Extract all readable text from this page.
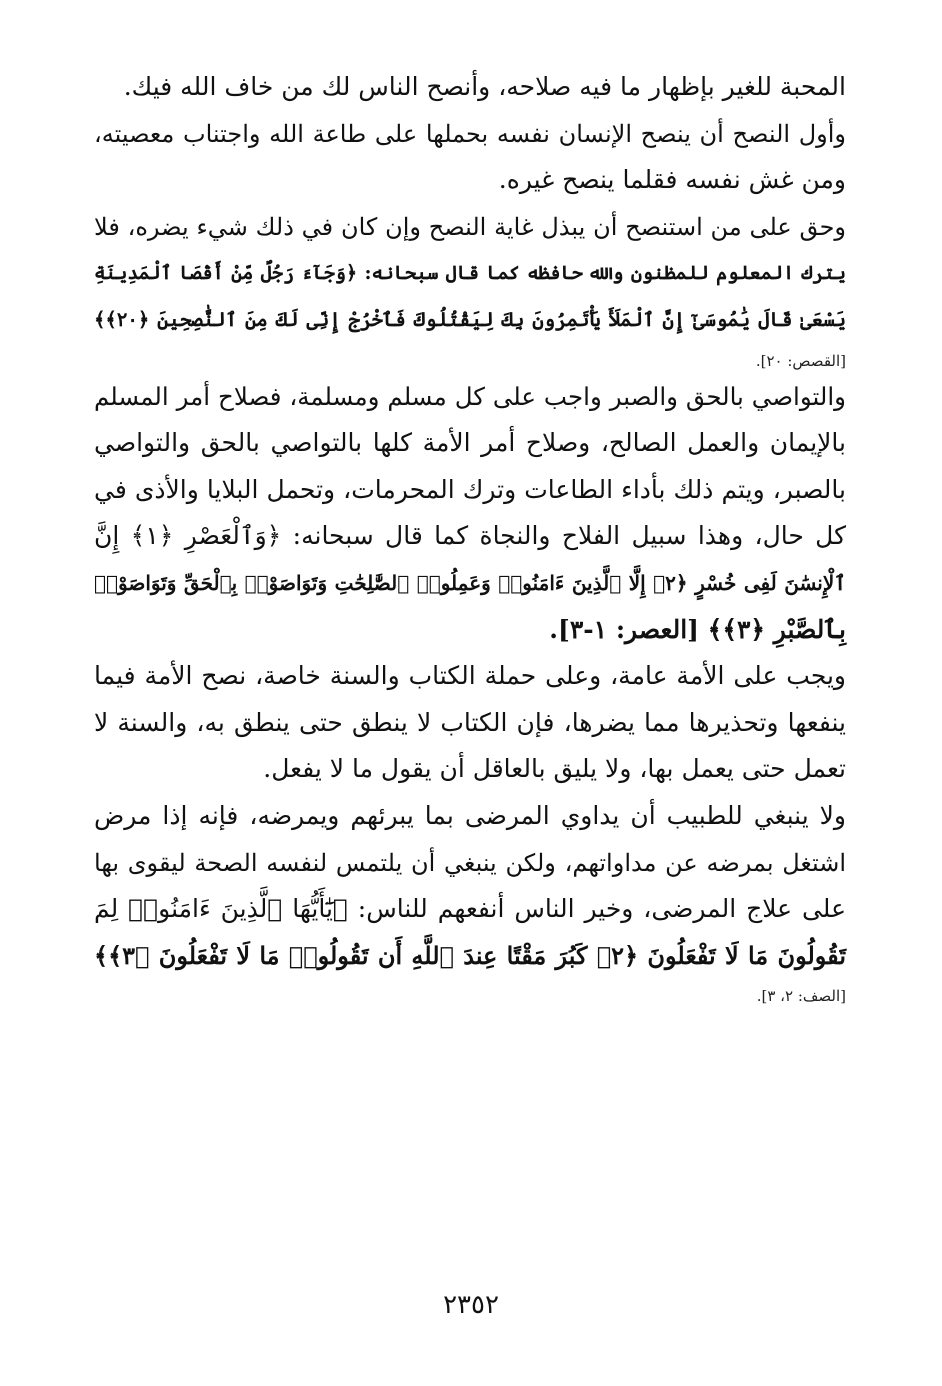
المحبة للغير بإظهار ما فيه صلاحه، وأنصح الناس لك من خاف الله فيك.
وأول النصح أن ينصح الإنسان نفسه بحملها على طاعة الله واجتناب معصيته،
ومن غش نفسه فقلما ينصح غيره.
وحق على من استنصح أن يبذل غاية النصح وإن كان في ذلك شيء يضره، فلا
يترك المعلوم للمظنون والله حافظه كما قال سبحانه: ﴿وَجَآءَ رَجُلٌ مِّنْ أَقْصَا ٱلْمَدِينَةِ
يَسْعَىٰ قَالَ يَٰمُوسَىٰٓ إِنَّ ٱلْمَلَأَ يَأْتَمِرُونَ بِكَ لِيَقْتُلُوكَ فَٱخْرُجْ إِنِّى لَكَ مِنَ ٱلنَّٰصِحِينَ ﴿٢٠﴾﴾
[القصص: ٢٠].
والتواصي بالحق والصبر واجب على كل مسلم ومسلمة، فصلاح أمر المسلم
بالإيمان والعمل الصالح، وصلاح أمر الأمة كلها بالتواصي بالحق والتواصي
بالصبر، ويتم ذلك بأداء الطاعات وترك المحرمات، وتحمل البلايا والأذى في
كل حال، وهذا سبيل الفلاح والنجاة كما قال سبحانه: ﴿وَٱلْعَصْرِ ﴿١﴾ إِنَّ
ٱلْإِنسَٰنَ لَفِى خُسْرٍ ﴿٢﴾ إِلَّا ٱلَّذِينَ ءَامَنُوا۟ وَعَمِلُوا۟ ٱلصَّٰلِحَٰتِ وَتَوَاصَوْا۟ بِٱلْحَقِّ وَتَوَاصَوْا۟
بِٱلصَّبْرِ ﴿٣﴾﴾ [العصر: ١-٣].
ويجب على الأمة عامة، وعلى حملة الكتاب والسنة خاصة، نصح الأمة فيما
ينفعها وتحذيرها مما يضرها، فإن الكتاب لا ينطق حتى ينطق به، والسنة لا
تعمل حتى يعمل بها، ولا يليق بالعاقل أن يقول ما لا يفعل.
ولا ينبغي للطبيب أن يداوي المرضى بما يبرئهم ويمرضه، فإنه إذا مرض
اشتغل بمرضه عن مداواتهم، ولكن ينبغي أن يلتمس لنفسه الصحة ليقوى بها
على علاج المرضى، وخير الناس أنفعهم للناس: ﴿يَٰٓأَيُّهَا ٱلَّذِينَ ءَامَنُوا۟ لِمَ
تَقُولُونَ مَا لَا تَفْعَلُونَ ﴿٢﴾ كَبُرَ مَقْتًا عِندَ ٱللَّهِ أَن تَقُولُوا۟ مَا لَا تَفْعَلُونَ ﴿٣﴾﴾
[الصف: ٢، ٣].
٢٣٥٢
